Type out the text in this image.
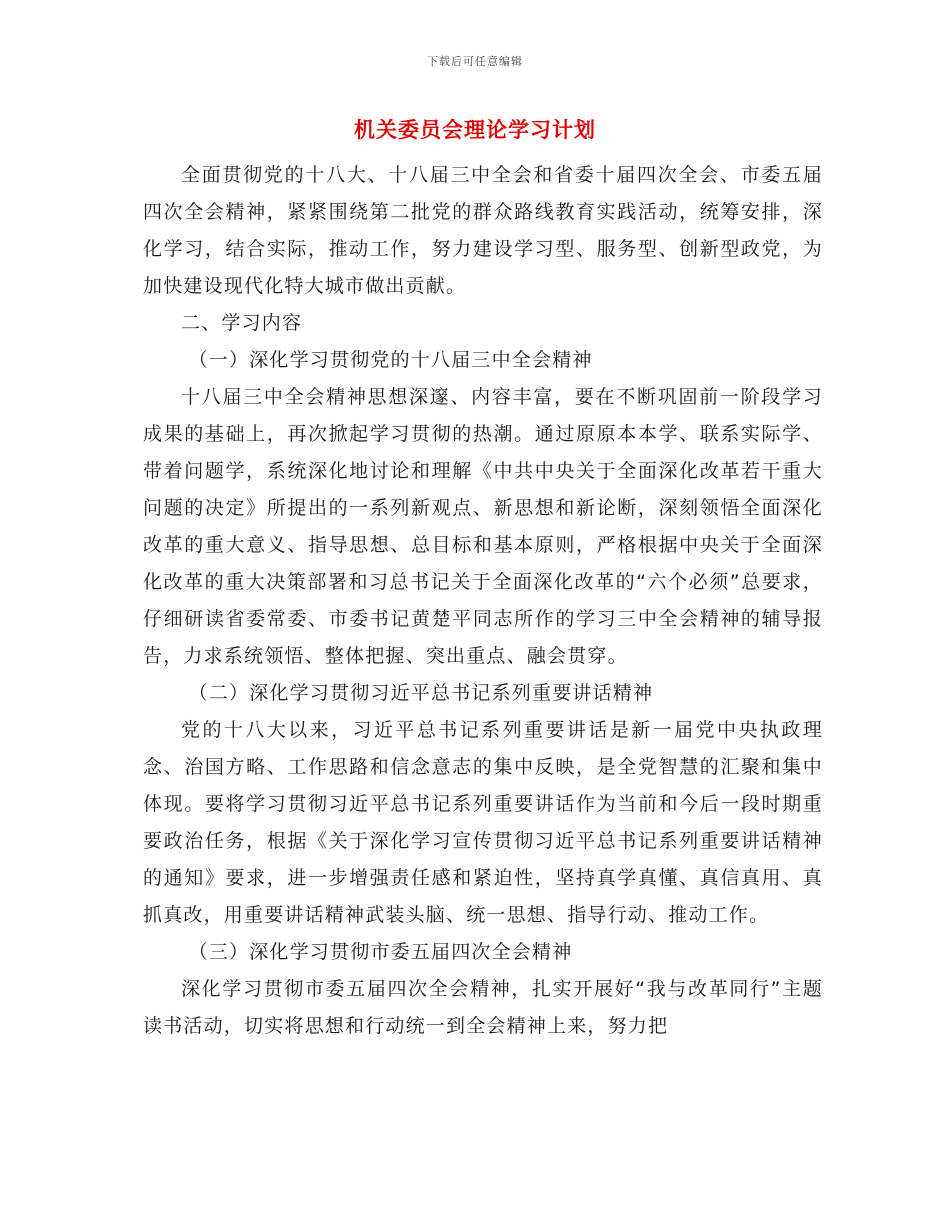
下载后可任意编辑
机关委员会理论学习计划

全面贯彻党的十八大、十八届三中全会和省委十届四次全会、市委五届四次全会精神，紧紧围绕第二批党的群众路线教育实践活动，统筹安排，深化学习，结合实际，推动工作，努力建设学习型、服务型、创新型政党，为加快建设现代化特大城市做出贡献。

二、学习内容

（一）深化学习贯彻党的十八届三中全会精神

十八届三中全会精神思想深邃、内容丰富，要在不断巩固前一阶段学习成果的基础上，再次掀起学习贯彻的热潮。通过原原本本学、联系实际学、带着问题学，系统深化地讨论和理解《中共中央关于全面深化改革若干重大问题的决定》所提出的一系列新观点、新思想和新论断，深刻领悟全面深化改革的重大意义、指导思想、总目标和基本原则，严格根据中央关于全面深化改革的重大决策部署和习总书记关于全面深化改革的“六个必须”总要求，仔细研读省委常委、市委书记黄楚平同志所作的学习三中全会精神的辅导报告，力求系统领悟、整体把握、突出重点、融会贯穿。

（二）深化学习贯彻习近平总书记系列重要讲话精神

党的十八大以来，习近平总书记系列重要讲话是新一届党中央执政理念、治国方略、工作思路和信念意志的集中反映，是全党智慧的汇聚和集中体现。要将学习贯彻习近平总书记系列重要讲话作为当前和今后一段时期重要政治任务，根据《关于深化学习宣传贯彻习近平总书记系列重要讲话精神的通知》要求，进一步增强责任感和紧迫性，坚持真学真懂、真信真用、真抓真改，用重要讲话精神武装头脑、统一思想、指导行动、推动工作。

（三）深化学习贯彻市委五届四次全会精神

深化学习贯彻市委五届四次全会精神，扎实开展好“我与改革同行”主题读书活动，切实将思想和行动统一到全会精神上来，努力把
